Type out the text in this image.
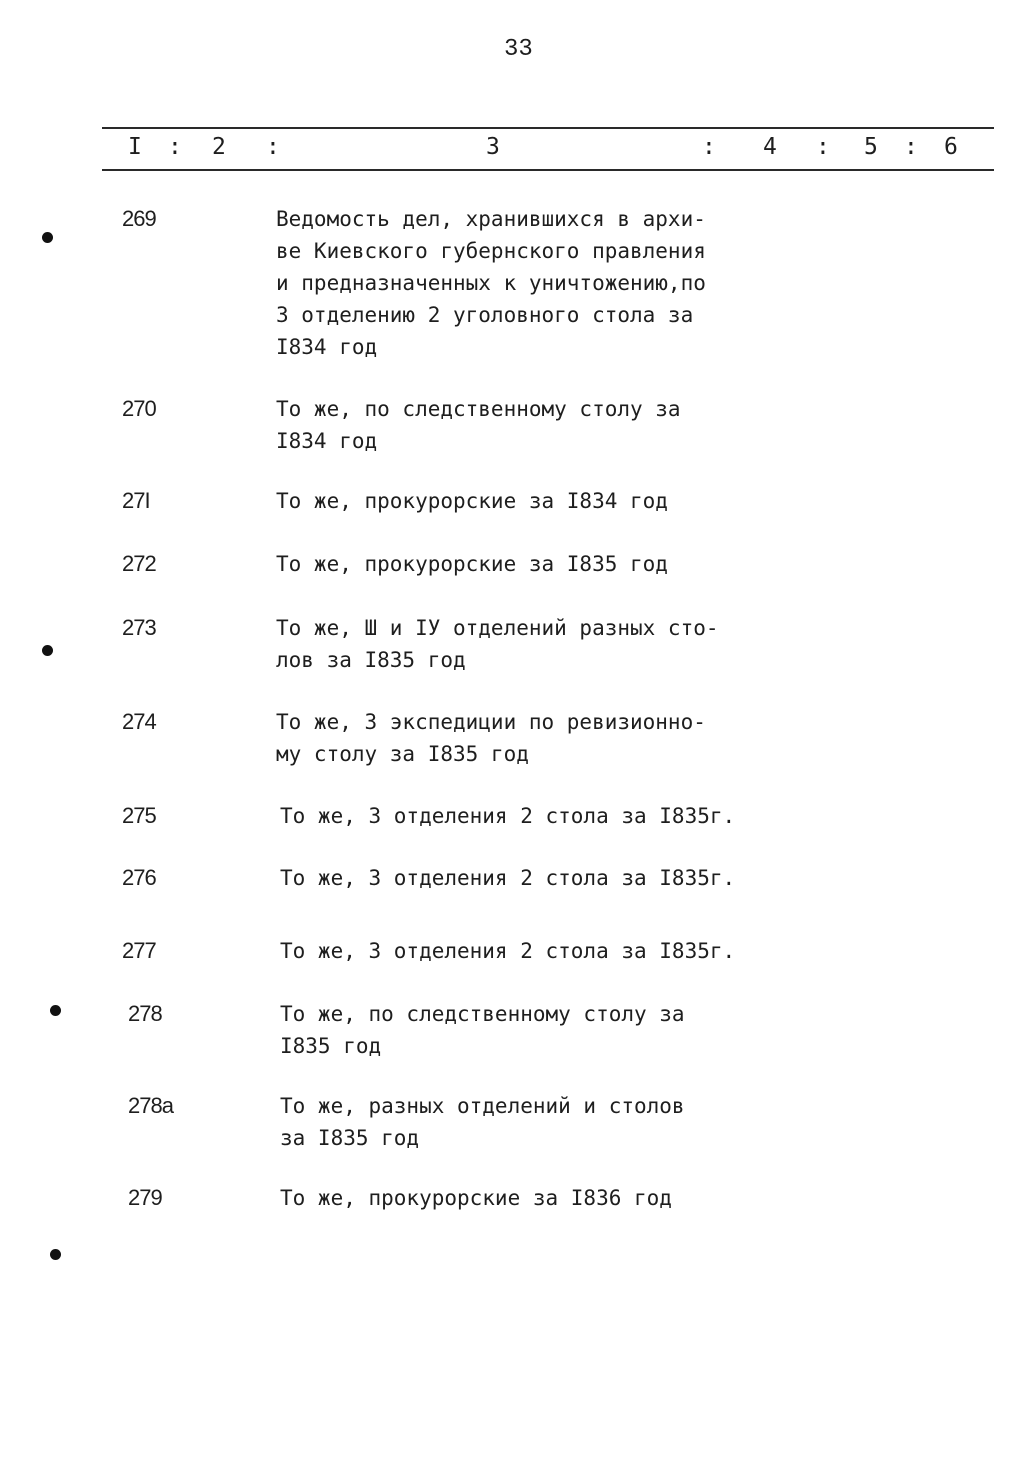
33
I : 2 :	3	: 4 : 5 : 6
269	Ведомость дел, хранившихся в архи-
ве Киевского губернского правления
и предназначенных к уничтожению,по
3 отделению 2 уголовного стола за
I834 год
270	То же, по следственному столу за
I834 год
27I	То же, прокурорские за I834 год
272	То же, прокурорские за I835 год
273	То же, Ш и IУ отделений разных сто-
лов за I835 год
274	То же, 3 экспедиции по ревизионно-
му столу за I835 год
275	То же, 3 отделения 2 стола за I835г.
276	То же, 3 отделения 2 стола за I835г.
277	То же, 3 отделения 2 стола за I835г.
278	То же, по следственному столу за
I835 год
278а	То же, разных отделений и столов
за I835 год
279	То же, прокурорские за I836 год
